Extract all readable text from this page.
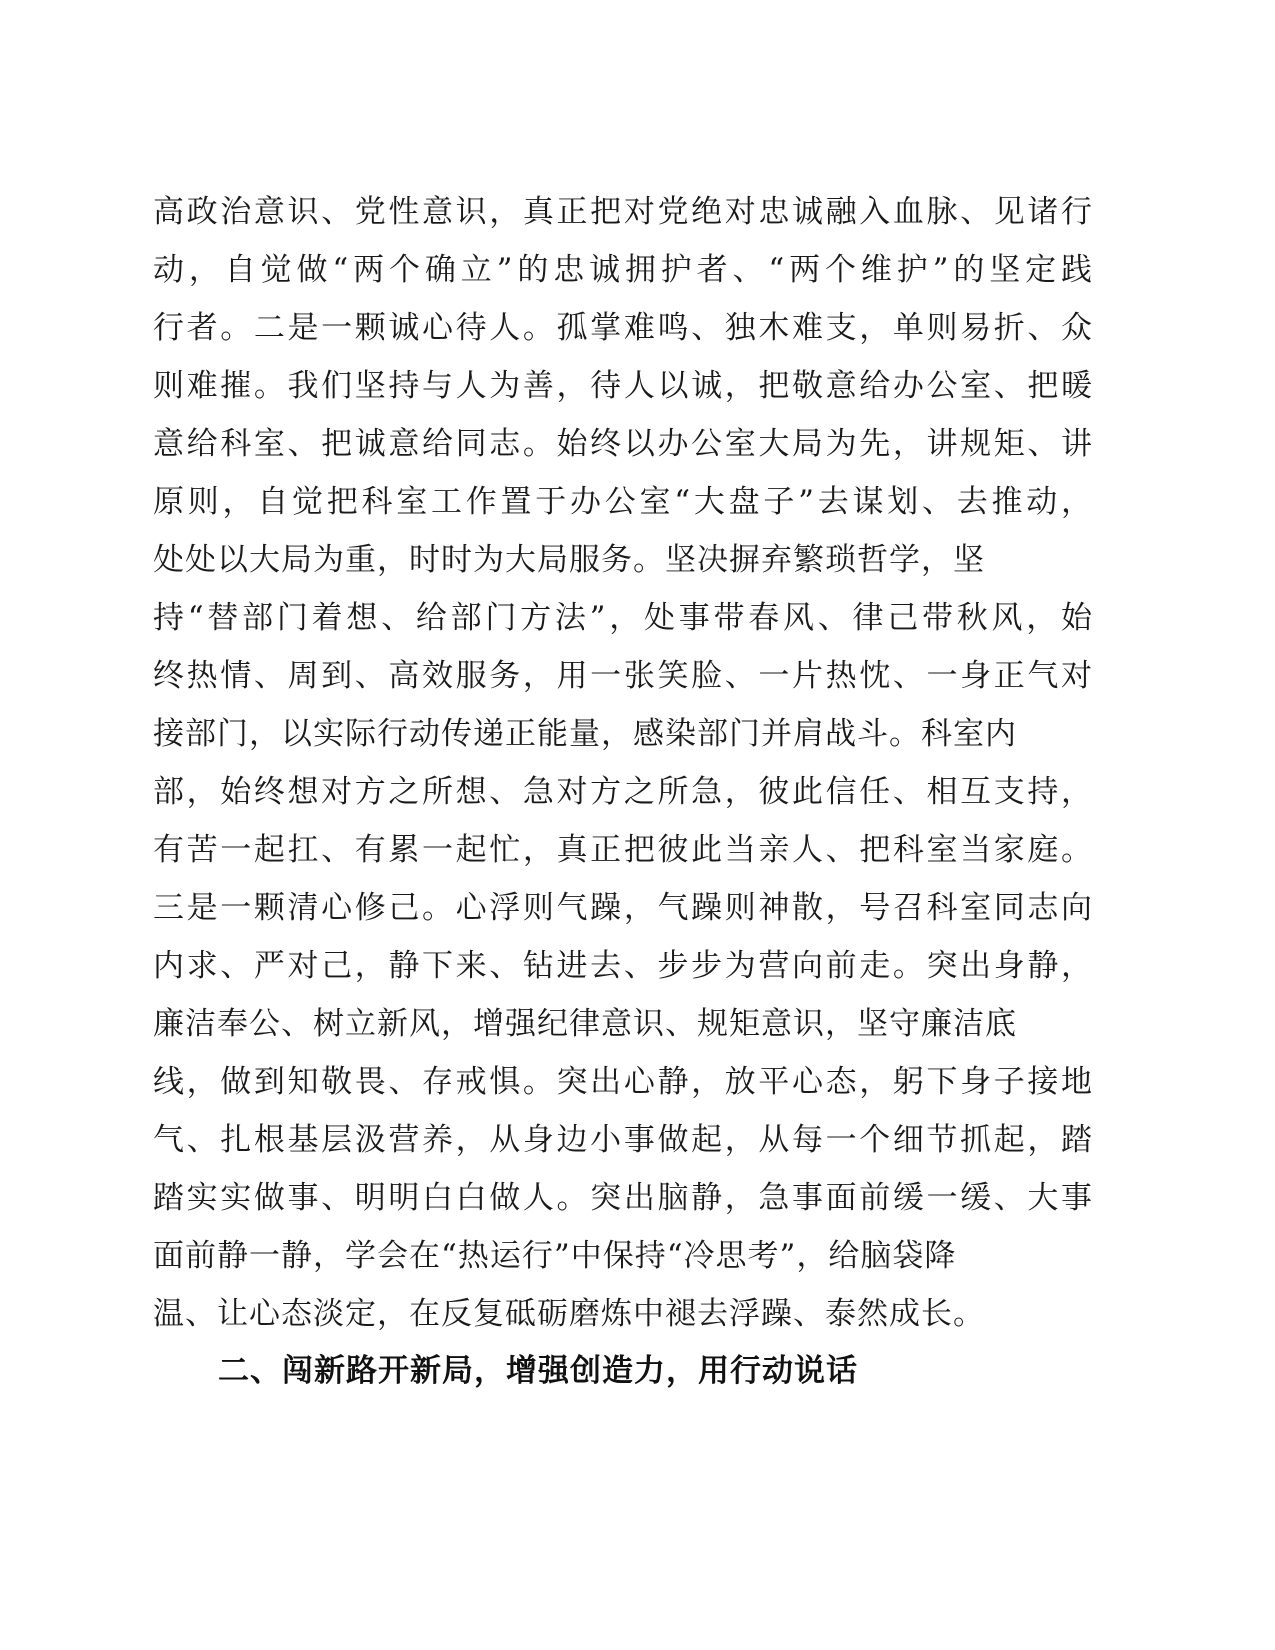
高政治意识、党性意识，真正把对党绝对忠诚融入血脉、见诸行
动，自觉做“两个确立”的忠诚拥护者、“两个维护”的坚定践
行者。二是一颗诚心待人。孤掌难鸣、独木难支，单则易折、众
则难摧。我们坚持与人为善，待人以诚，把敬意给办公室、把暖
意给科室、把诚意给同志。始终以办公室大局为先，讲规矩、讲
原则，自觉把科室工作置于办公室“大盘子”去谋划、去推动，
处处以大局为重，时时为大局服务。坚决摒弃繁琐哲学，坚
持“替部门着想、给部门方法”，处事带春风、律己带秋风，始
终热情、周到、高效服务，用一张笑脸、一片热忱、一身正气对
接部门，以实际行动传递正能量，感染部门并肩战斗。科室内
部，始终想对方之所想、急对方之所急，彼此信任、相互支持，
有苦一起扛、有累一起忙，真正把彼此当亲人、把科室当家庭。
三是一颗清心修己。心浮则气躁，气躁则神散，号召科室同志向
内求、严对己，静下来、钻进去、步步为营向前走。突出身静，
廉洁奉公、树立新风，增强纪律意识、规矩意识，坚守廉洁底
线，做到知敬畏、存戒惧。突出心静，放平心态，躬下身子接地
气、扎根基层汲营养，从身边小事做起，从每一个细节抓起，踏
踏实实做事、明明白白做人。突出脑静，急事面前缓一缓、大事
面前静一静，学会在“热运行”中保持“冷思考”，给脑袋降
温、让心态淡定，在反复砥砺磨炼中褪去浮躁、泰然成长。
二、闯新路开新局，增强创造力，用行动说话
